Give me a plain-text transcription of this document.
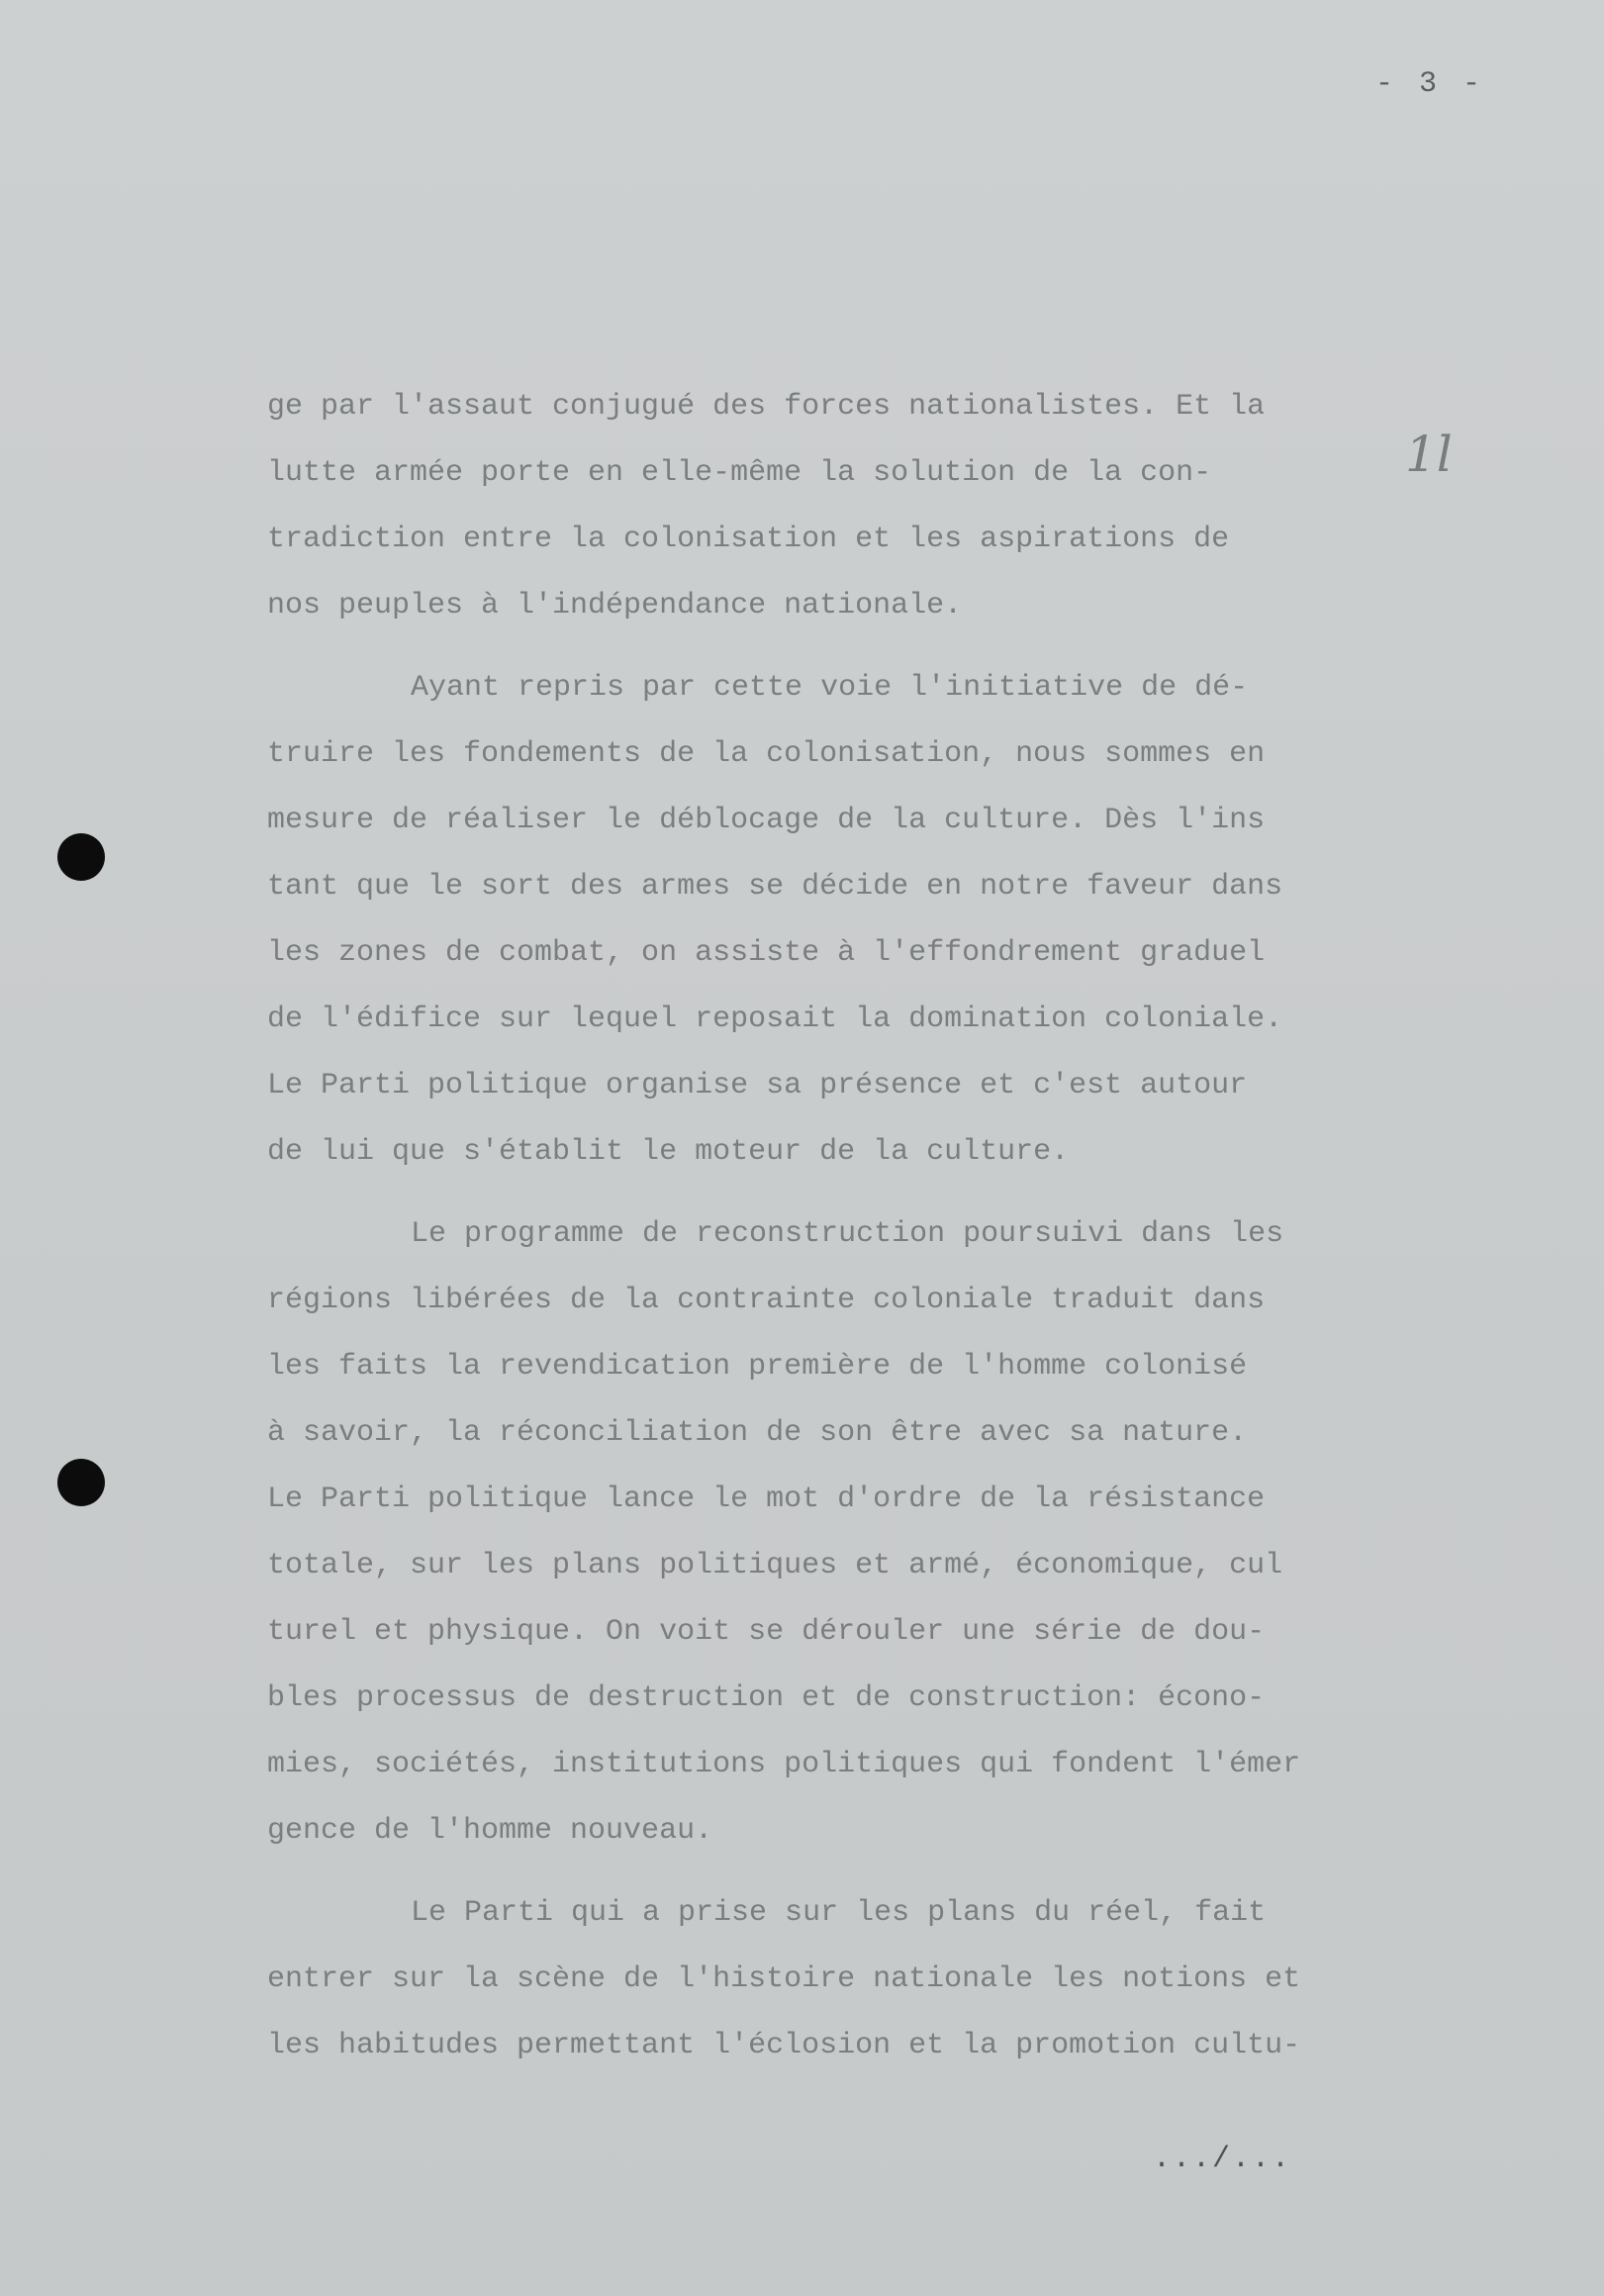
- 3 -
1l
ge par l'assaut conjugué des forces nationalistes. Et la
lutte armée porte en elle-même la solution de la con-
tradiction entre la colonisation et les aspirations de
nos peuples à l'indépendance nationale.
Ayant repris par cette voie l'initiative de dé-
truire les fondements de la colonisation, nous sommes en
mesure de réaliser le déblocage de la culture. Dès l'ins
tant que le sort des armes se décide en notre faveur dans
les zones de combat, on assiste à l'effondrement graduel
de l'édifice sur lequel reposait la domination coloniale.
Le Parti politique organise sa présence et c'est autour
de lui que s'établit le moteur de la culture.
Le programme de reconstruction poursuivi dans les
régions libérées de la contrainte coloniale traduit dans
les faits la revendication première de l'homme colonisé
à savoir, la réconciliation de son être avec sa nature.
Le Parti politique lance le mot d'ordre de la résistance
totale, sur les plans politiques et armé, économique, cul
turel et physique. On voit se dérouler une série de dou-
bles processus de destruction et de construction: écono-
mies, sociétés, institutions politiques qui fondent l'émer
gence de l'homme nouveau.
Le Parti qui a prise sur les plans du réel, fait
entrer sur la scène de l'histoire nationale les notions et
les habitudes permettant l'éclosion et la promotion cultu-
.../...
